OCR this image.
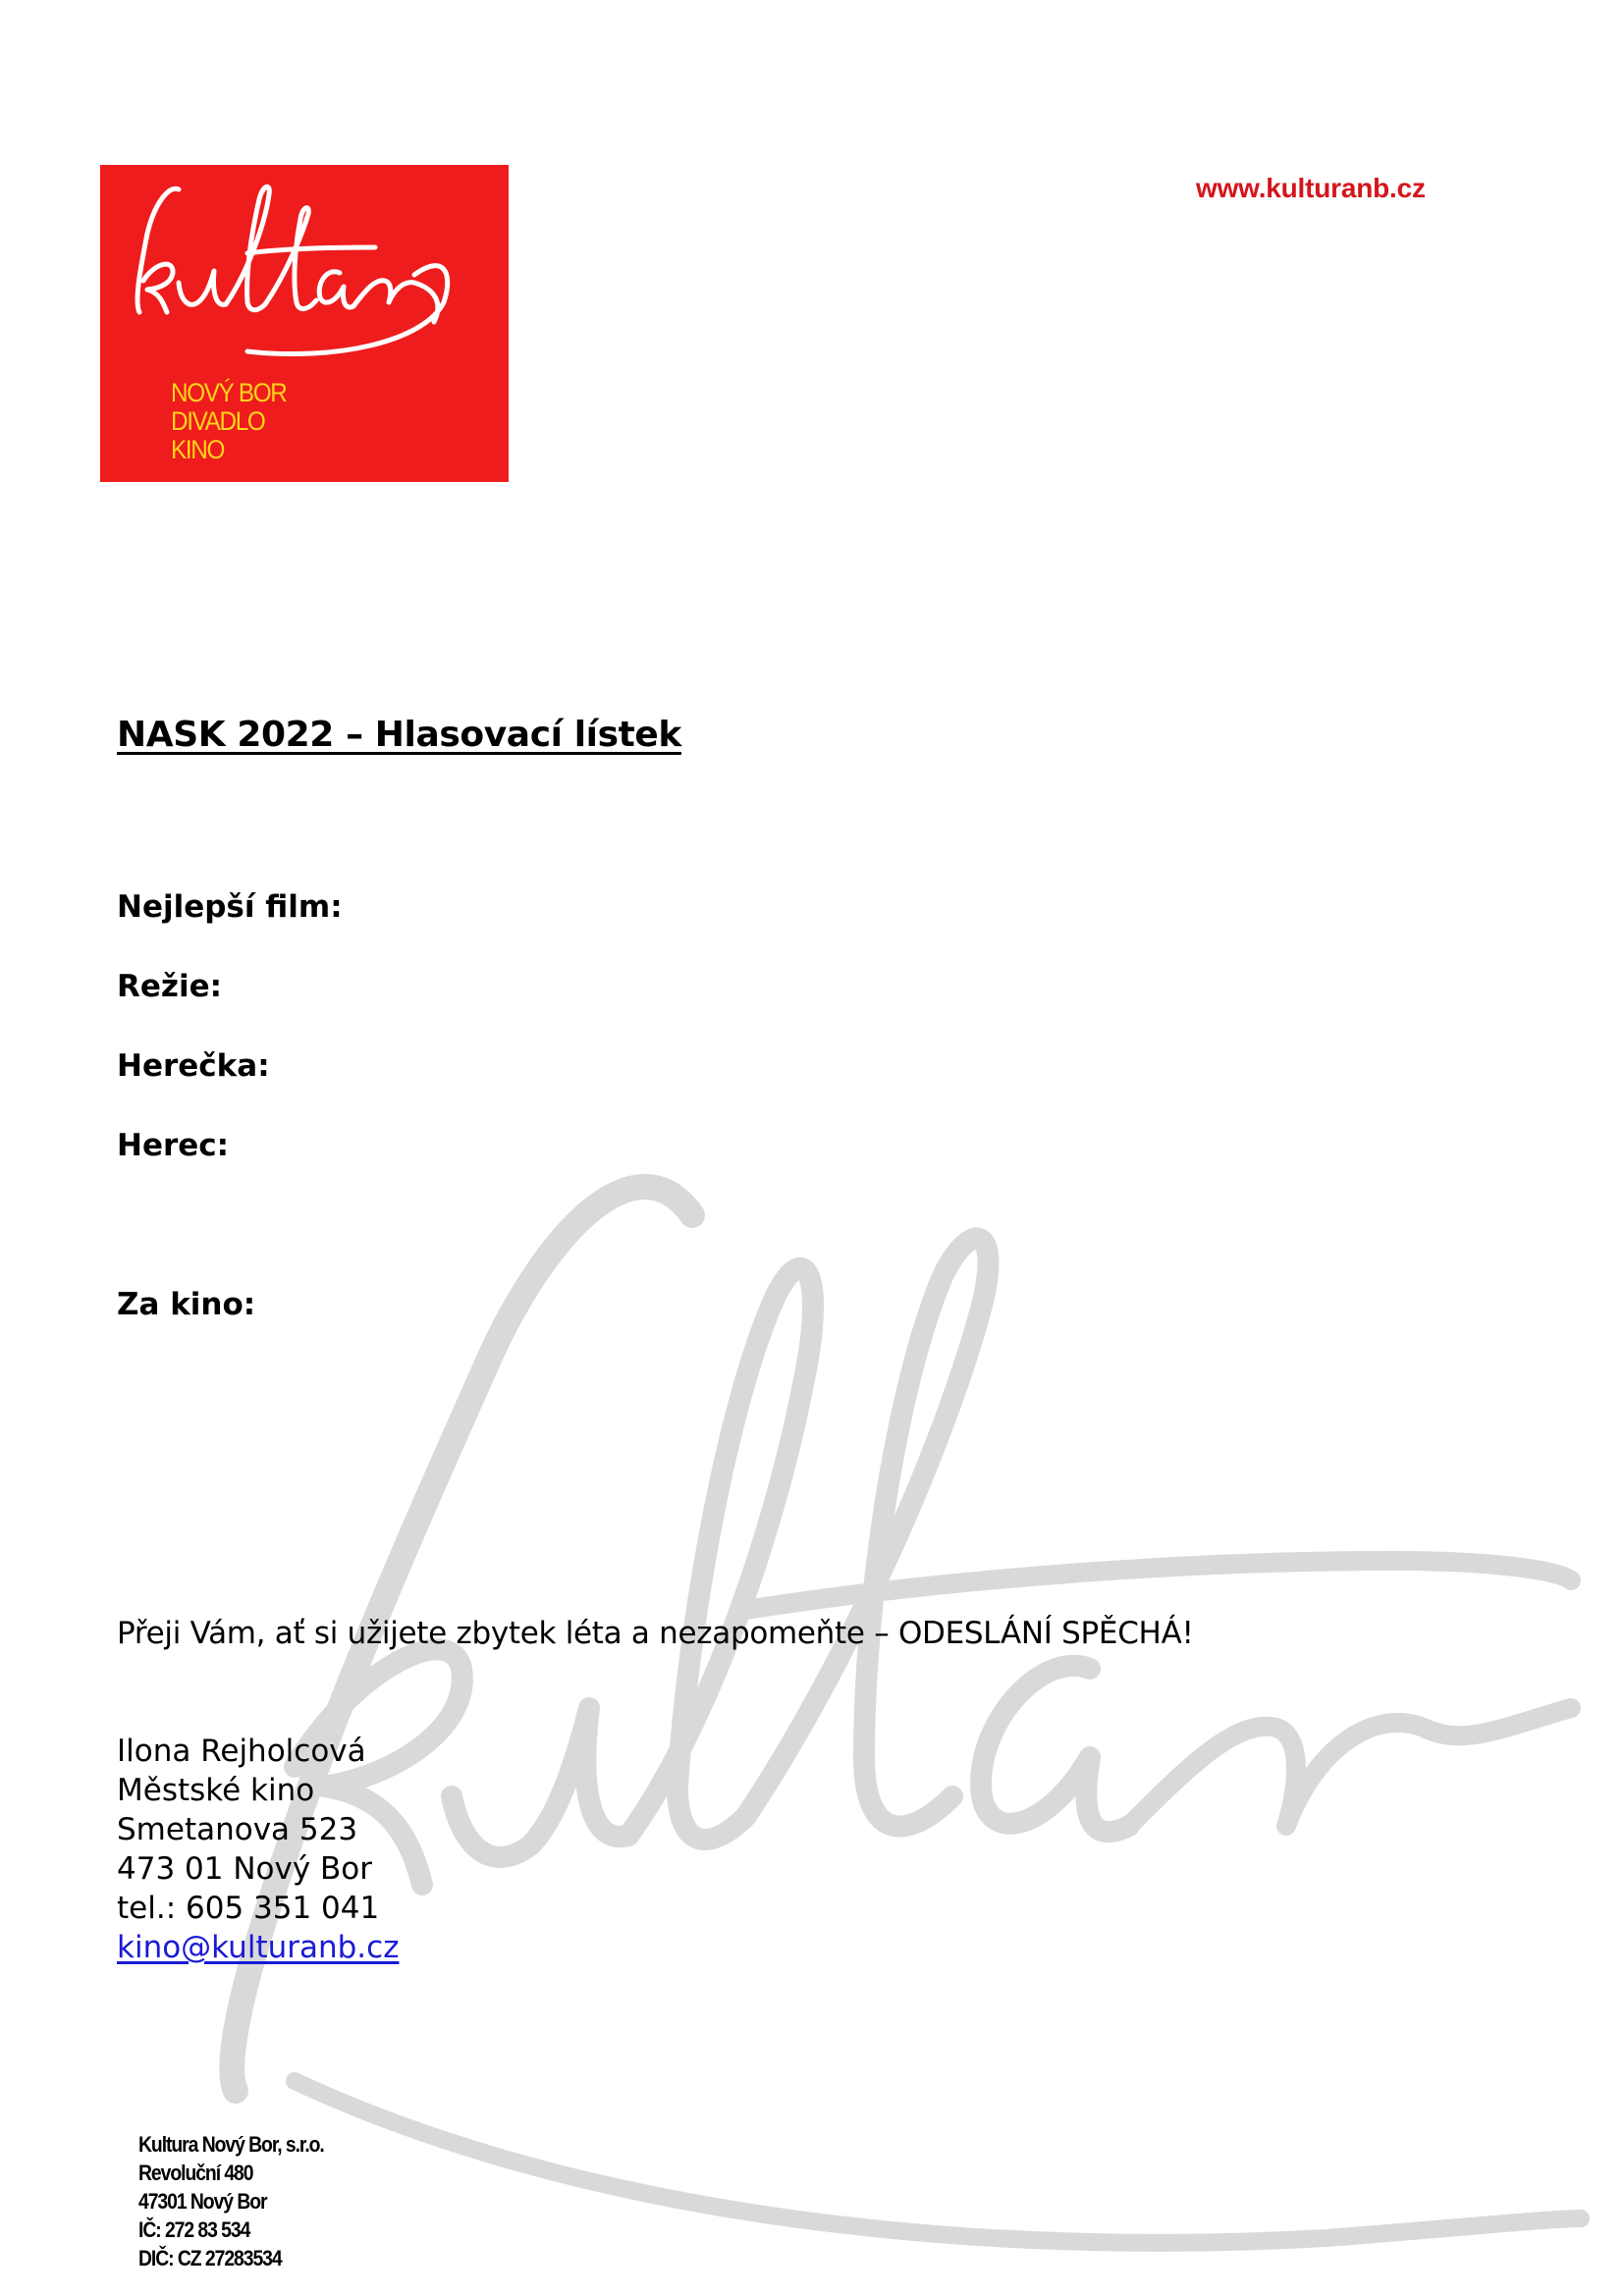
NOVÝ BOR
DIVADLO
KINO
www.kulturanb.cz
NASK 2022 – Hlasovací lístek
Nejlepší film:
Režie:
Herečka:
Herec:
Za kino:
Přeji Vám, ať si užijete zbytek léta a nezapomeňte – ODESLÁNÍ SPĚCHÁ!
Ilona Rejholcová
Městské kino
Smetanova 523
473 01 Nový Bor
tel.: 605 351 041
kino@kulturanb.cz
Kultura Nový Bor, s.r.o.
Revoluční 480
47301 Nový Bor
IČ: 272 83 534
DIČ: CZ 27283534
